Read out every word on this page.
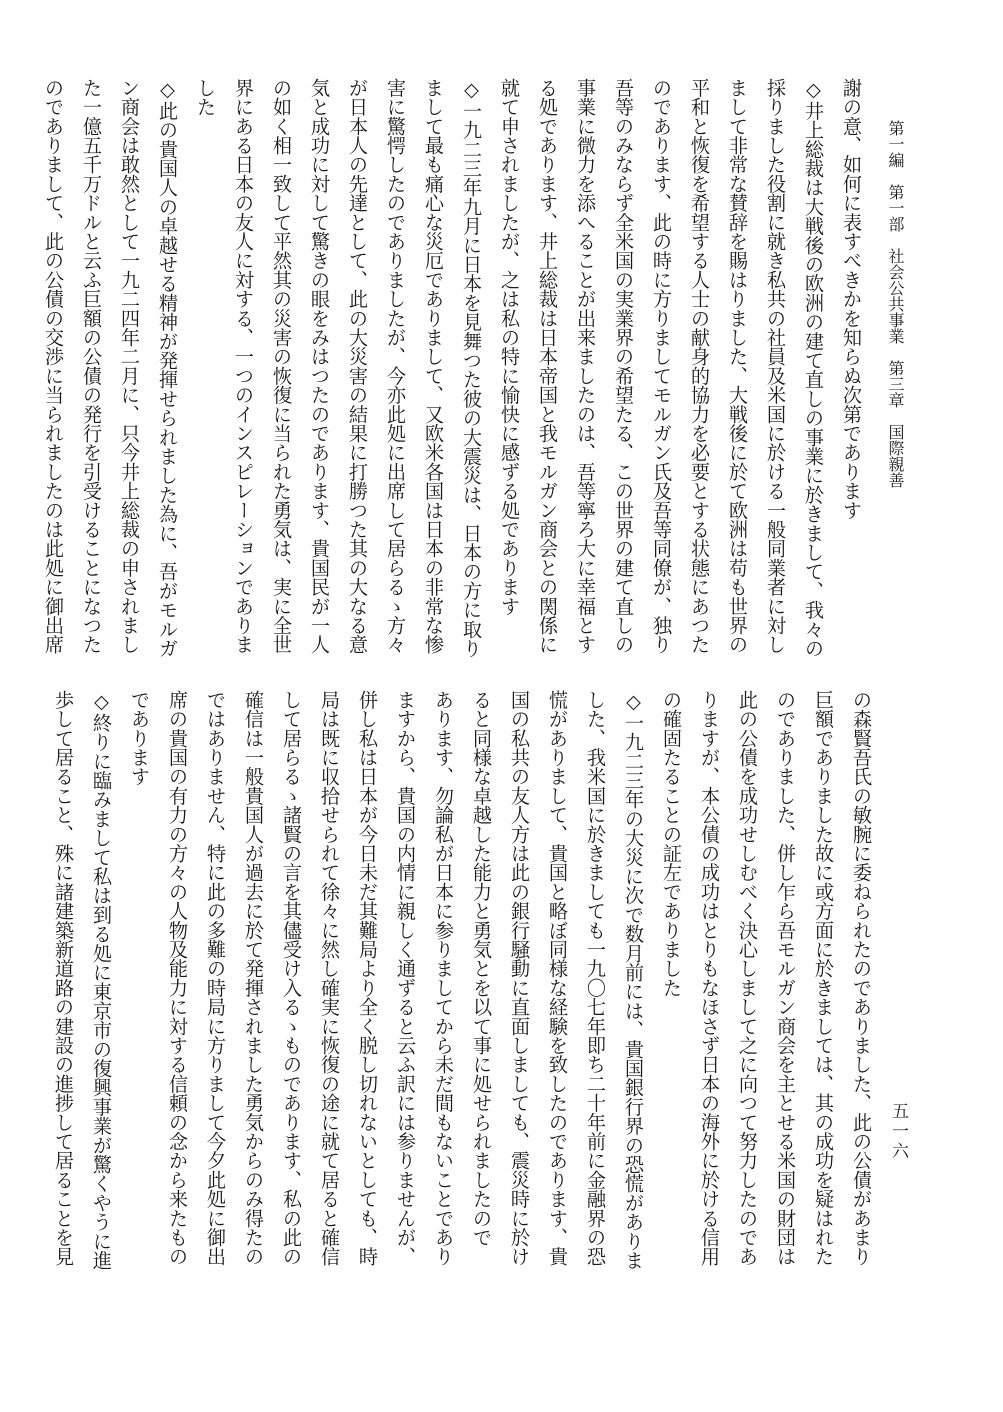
第一編　第一部　社会公共事業　第三章　国際親善
謝の意、如何に表すべきかを知らぬ次第であります
◇井上総裁は大戦後の欧洲の建て直しの事業に於きまして、我々の
採りました役割に就き私共の社員及米国に於ける一般同業者に対し
まして非常な賛辞を賜はりました、大戦後に於て欧洲は苟も世界の
平和と恢復を希望する人士の献身的協力を必要とする状態にあつた
のであります、此の時に方りましてモルガン氏及吾等同僚が、独り
吾等のみならず全米国の実業界の希望たる、この世界の建て直しの
事業に微力を添へることが出来ましたのは、吾等寧ろ大に幸福とす
る処であります、井上総裁は日本帝国と我モルガン商会との関係に
就て申されましたが、之は私の特に愉快に感ずる処であります
◇一九二三年九月に日本を見舞つた彼の大震災は、日本の方に取り
まして最も痛心な災厄でありまして、又欧米各国は日本の非常な惨
害に驚愕したのでありましたが、今亦此処に出席して居らるゝ方々
が日本人の先達として、此の大災害の結果に打勝つた其の大なる意
気と成功に対して驚きの眼をみはつたのであります、貴国民が一人
の如く相一致して平然其の災害の恢復に当られた勇気は、実に全世
界にある日本の友人に対する、一つのインスピレーションでありま
した
◇此の貴国人の卓越せる精神が発揮せられました為に、吾がモルガ
ン商会は敢然として一九二四年二月に、只今井上総裁の申されまし
た一億五千万ドルと云ふ巨額の公債の発行を引受けることになつた
のでありまして、此の公債の交渉に当られましたのは此処に御出席
の森賢吾氏の敏腕に委ねられたのでありました、此の公債があまり
巨額でありました故に或方面に於きましては、其の成功を疑はれた
のでありました、併し乍ら吾モルガン商会を主とせる米国の財団は
此の公債を成功せしむべく決心しまして之に向つて努力したのであ
りますが、本公債の成功はとりもなほさず日本の海外に於ける信用
の確固たることの証左でありました
◇一九二三年の大災に次で数月前には、貴国銀行界の恐慌がありま
した、我米国に於きましても一九〇七年即ち二十年前に金融界の恐
慌がありまして、貴国と略ぼ同様な経験を致したのであります、貴
国の私共の友人方は此の銀行騒動に直面しましても、震災時に於け
ると同様な卓越した能力と勇気とを以て事に処せられましたので
あります、勿論私が日本に参りましてから未だ間もないことであり
ますから、貴国の内情に親しく通ずると云ふ訳には参りませんが、
併し私は日本が今日未だ其難局より全く脱し切れないとしても、時
局は既に収拾せられて徐々に然し確実に恢復の途に就て居ると確信
して居らるゝ諸賢の言を其儘受け入るゝものであります、私の此の
確信は一般貴国人が過去に於て発揮されました勇気からのみ得たの
ではありません、特に此の多難の時局に方りまして今夕此処に御出
席の貴国の有力の方々の人物及能力に対する信頼の念から来たもの
であります
◇終りに臨みまして私は到る処に東京市の復興事業が驚くやうに進
歩して居ること、殊に諸建築新道路の建設の進捗して居ることを見	五一六
